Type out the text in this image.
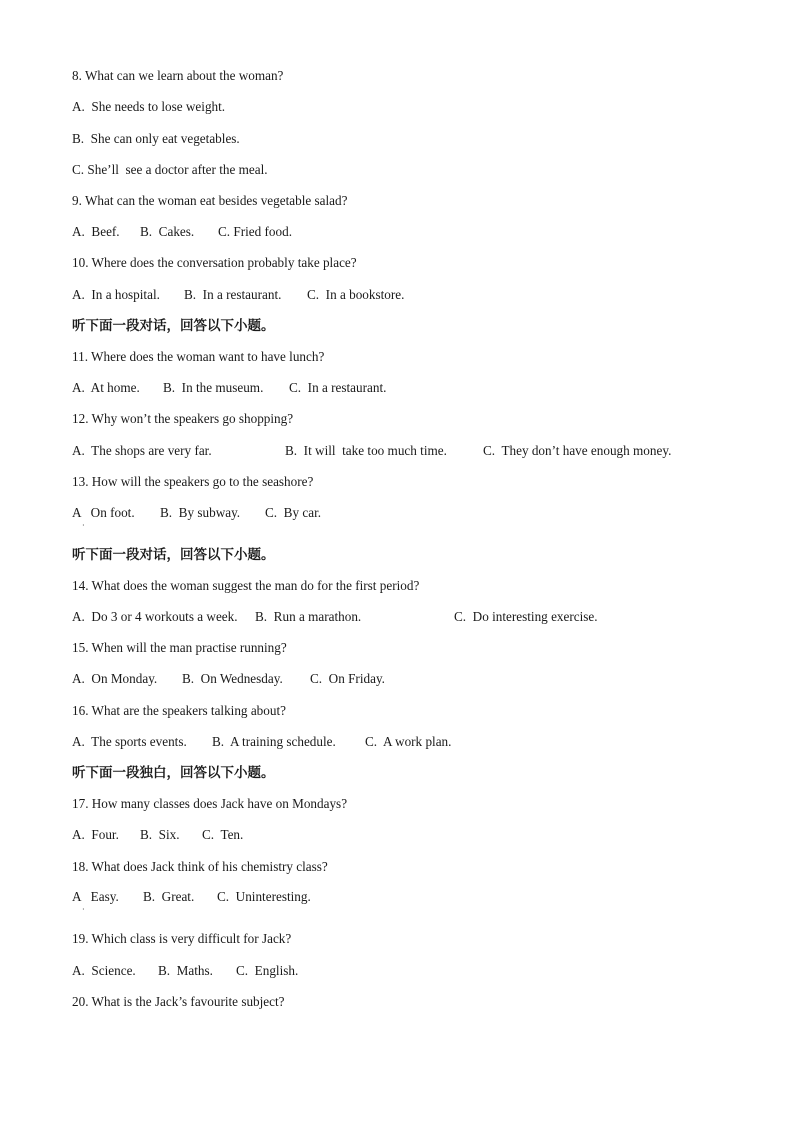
8. What can we learn about the woman?
A.  She needs to lose weight.
B.  She can only eat vegetables.
C. She’ll  see a doctor after the meal.
9. What can the woman eat besides vegetable salad?
A.  Beef. B.  Cakes. C. Fried food.
10. Where does the conversation probably take place?
A.  In a hospital. B.  In a restaurant. C.  In a bookstore.
听下面一段对话，回答以下小题。
11. Where does the woman want to have lunch?
A.  At home. B.  In the museum. C.  In a restaurant.
12. Why won’t the speakers go shopping?
A.  The shops are very far.	B.  It will  take too much time.	C.  They don’t have enough money.
13. How will the speakers go to the seashore?
A   On foot.
·
B.  By subway. C.  By car.
听下面一段对话，回答以下小题。
14. What does the woman suggest the man do for the first period?
A.  Do 3 or 4 workouts a week. B.  Run a marathon.	C.  Do interesting exercise.
15. When will the man practise running?
A.  On Monday. B.  On Wednesday. C.  On Friday.
16. What are the speakers talking about?
A.  The sports events. B.  A training schedule. C.  A work plan.
听下面一段独白，回答以下小题。
17. How many classes does Jack have on Mondays?
A.  Four. B.  Six. C.  Ten.
18. What does Jack think of his chemistry class?
A   Easy.
·
B.  Great. C.  Uninteresting.
19. Which class is very difficult for Jack?
A.  Science. B.  Maths. C.  English.
20. What is the Jack’s favourite subject?
